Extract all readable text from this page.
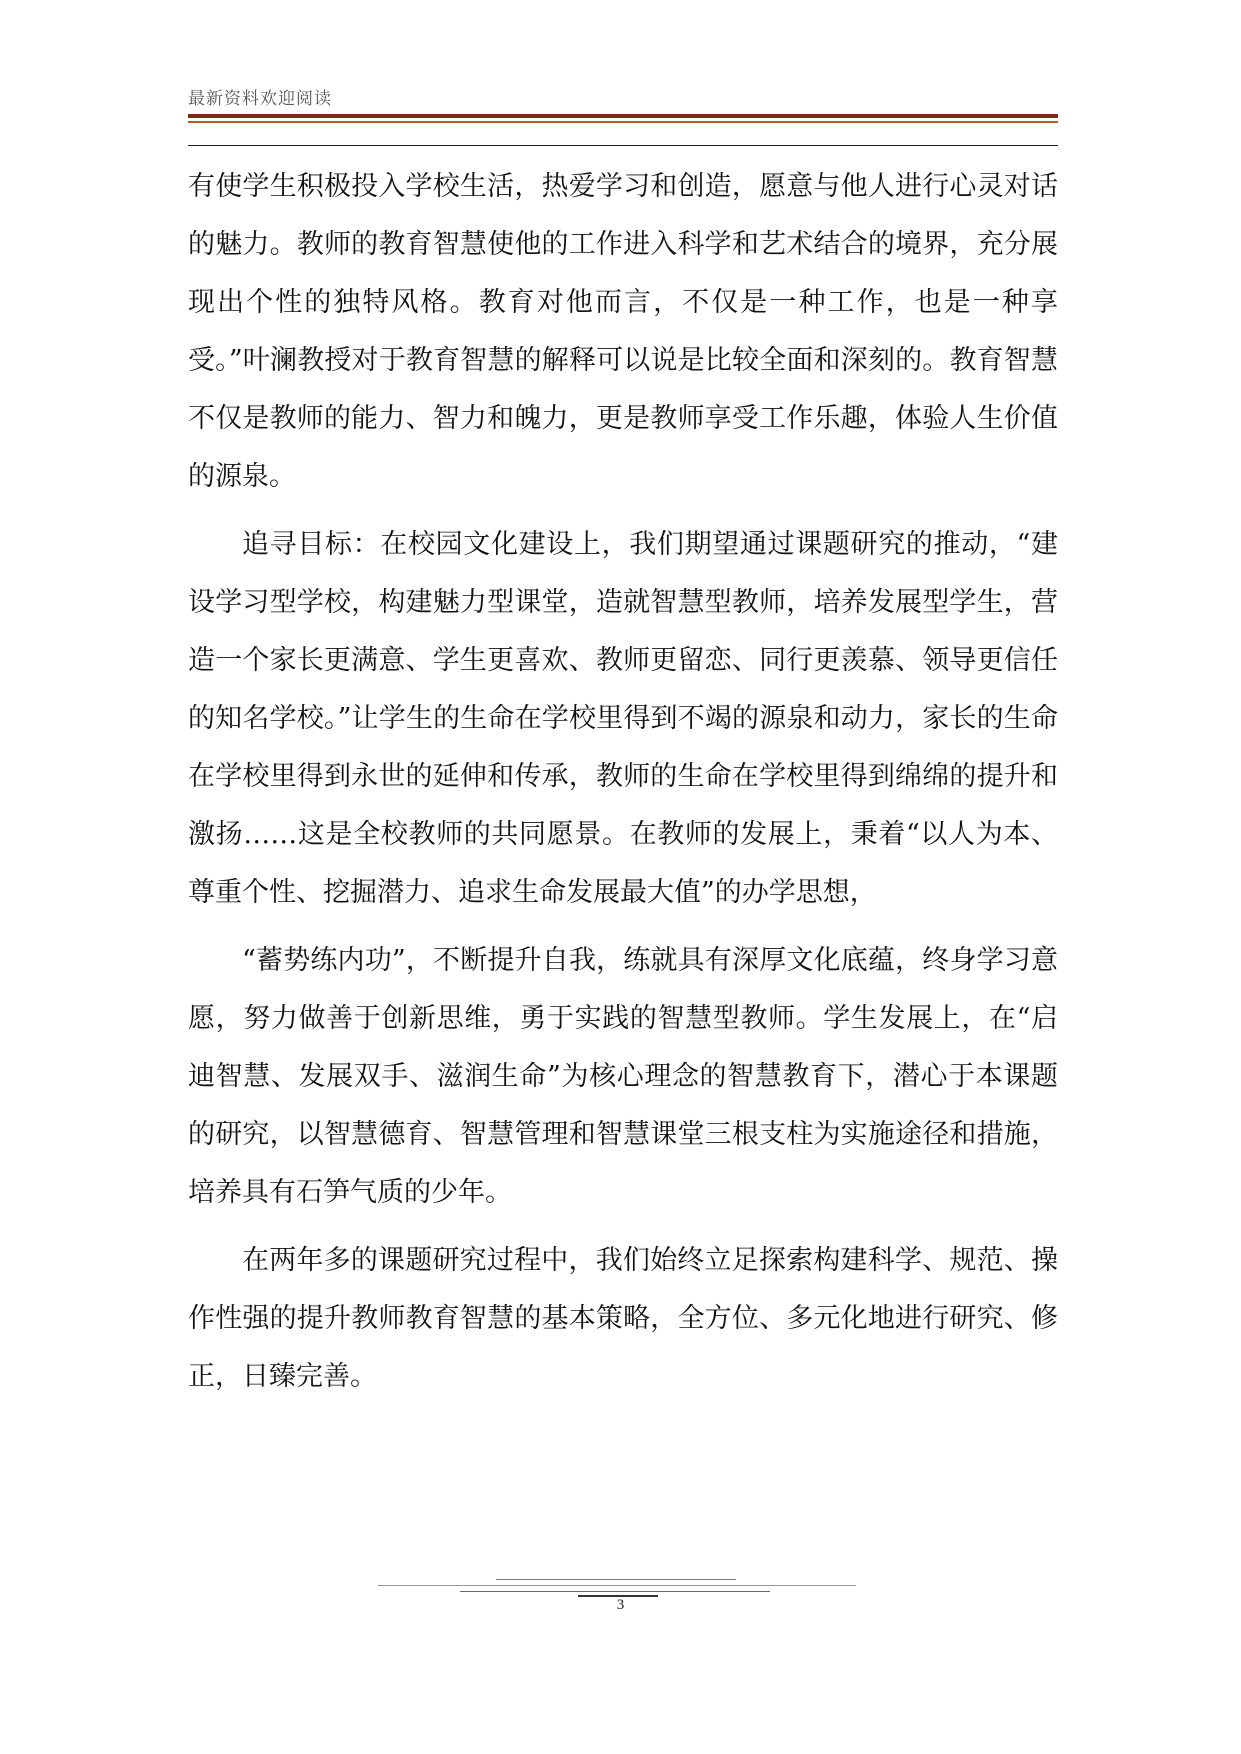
最新资料欢迎阅读

有使学生积极投入学校生活，热爱学习和创造，愿意与他人进行心灵对话的魅力。教师的教育智慧使他的工作进入科学和艺术结合的境界，充分展现出个性的独特风格。教育对他而言，不仅是一种工作，也是一种享受。”叶澜教授对于教育智慧的解释可以说是比较全面和深刻的。教育智慧不仅是教师的能力、智力和魄力，更是教师享受工作乐趣，体验人生价值的源泉。

追寻目标：在校园文化建设上，我们期望通过课题研究的推动，“建设学习型学校，构建魅力型课堂，造就智慧型教师，培养发展型学生，营造一个家长更满意、学生更喜欢、教师更留恋、同行更羡慕、领导更信任的知名学校。”让学生的生命在学校里得到不竭的源泉和动力，家长的生命在学校里得到永世的延伸和传承，教师的生命在学校里得到绵绵的提升和激扬……这是全校教师的共同愿景。在教师的发展上，秉着“以人为本、尊重个性、挖掘潜力、追求生命发展最大值”的办学思想，

“蓄势练内功”，不断提升自我，练就具有深厚文化底蕴，终身学习意愿，努力做善于创新思维，勇于实践的智慧型教师。学生发展上，在“启迪智慧、发展双手、滋润生命”为核心理念的智慧教育下，潜心于本课题的研究，以智慧德育、智慧管理和智慧课堂三根支柱为实施途径和措施，培养具有石笋气质的少年。

在两年多的课题研究过程中，我们始终立足探索构建科学、规范、操作性强的提升教师教育智慧的基本策略，全方位、多元化地进行研究、修正，日臻完善。

3
